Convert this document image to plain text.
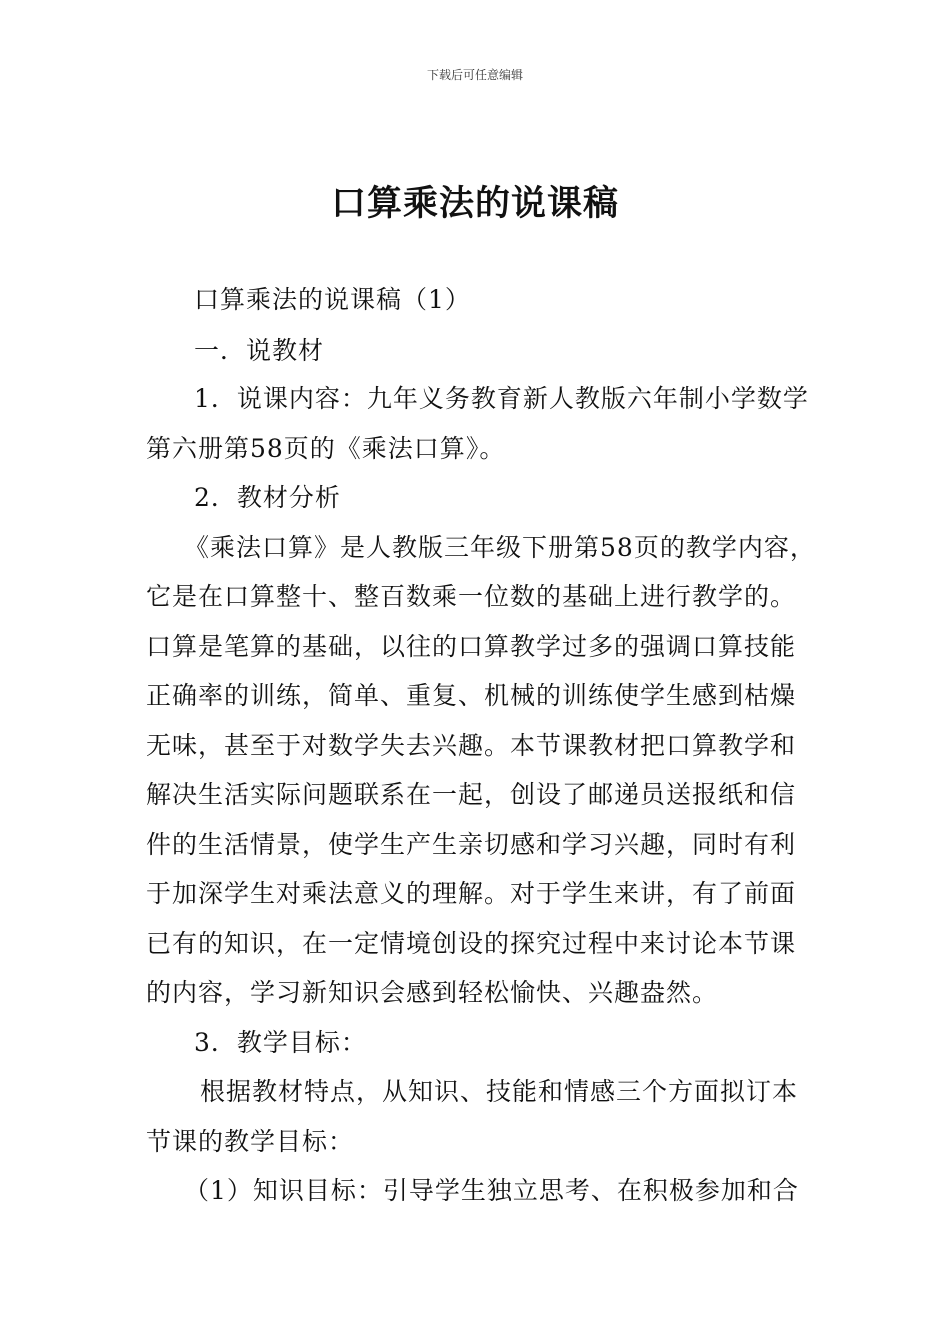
下载后可任意编辑
口算乘法的说课稿
口算乘法的说课稿（1）
一．说教材
1．说课内容：九年义务教育新人教版六年制小学数学
第六册第58页的《乘法口算》。
2．教材分析
《乘法口算》是人教版三年级下册第58页的教学内容，
它是在口算整十、整百数乘一位数的基础上进行教学的。
口算是笔算的基础，以往的口算教学过多的强调口算技能
正确率的训练，简单、重复、机械的训练使学生感到枯燥
无味，甚至于对数学失去兴趣。本节课教材把口算教学和
解决生活实际问题联系在一起，创设了邮递员送报纸和信
件的生活情景，使学生产生亲切感和学习兴趣，同时有利
于加深学生对乘法意义的理解。对于学生来讲，有了前面
已有的知识，在一定情境创设的探究过程中来讨论本节课
的内容，学习新知识会感到轻松愉快、兴趣盎然。
3．教学目标：
根据教材特点，从知识、技能和情感三个方面拟订本
节课的教学目标：
（1）知识目标：引导学生独立思考、在积极参加和合
